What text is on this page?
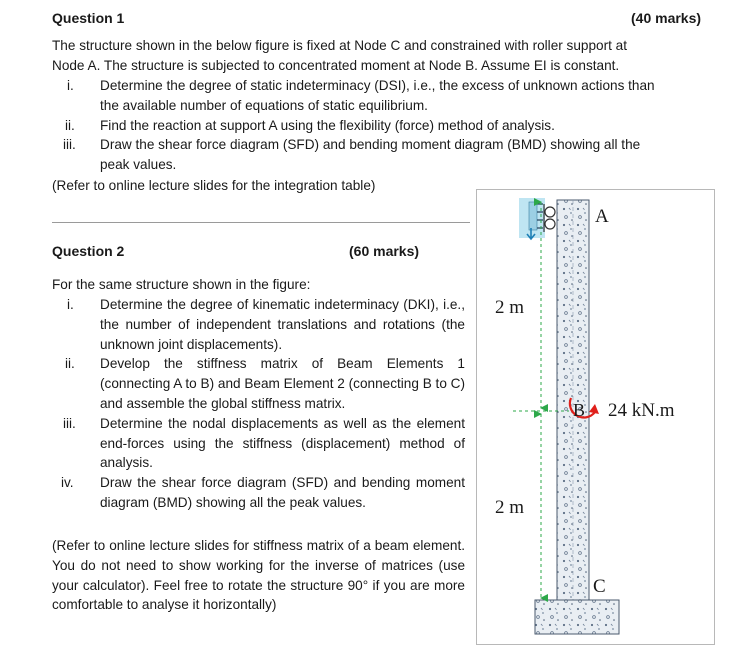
Question 1	(40 marks)
The structure shown in the below figure is fixed at Node C and constrained with roller support at
Node A. The structure is subjected to concentrated moment at Node B. Assume EI is constant.
i. Determine the degree of static indeterminacy (DSI), i.e., the excess of unknown actions than
the available number of equations of static equilibrium.
ii. Find the reaction at support A using the flexibility (force) method of analysis.
iii. Draw the shear force diagram (SFD) and bending moment diagram (BMD) showing all the
peak values.
(Refer to online lecture slides for the integration table)
Question 2	(60 marks)
For the same structure shown in the figure:
i. Determine the degree of kinematic indeterminacy (DKI), i.e., the number of independent translations and rotations (the unknown joint displacements).
ii. Develop the stiffness matrix of Beam Elements 1 (connecting A to B) and Beam Element 2 (connecting B to C) and assemble the global stiffness matrix.
iii. Determine the nodal displacements as well as the element end-forces using the stiffness (displacement) method of analysis.
iv. Draw the shear force diagram (SFD) and bending moment diagram (BMD) showing all the peak values.
(Refer to online lecture slides for stiffness matrix of a beam element. You do not need to show working for the inverse of matrices (use your calculator). Feel free to rotate the structure 90° if you are more comfortable to analyse it horizontally)
A
B 24 kN.m
C
2 m
2 m
